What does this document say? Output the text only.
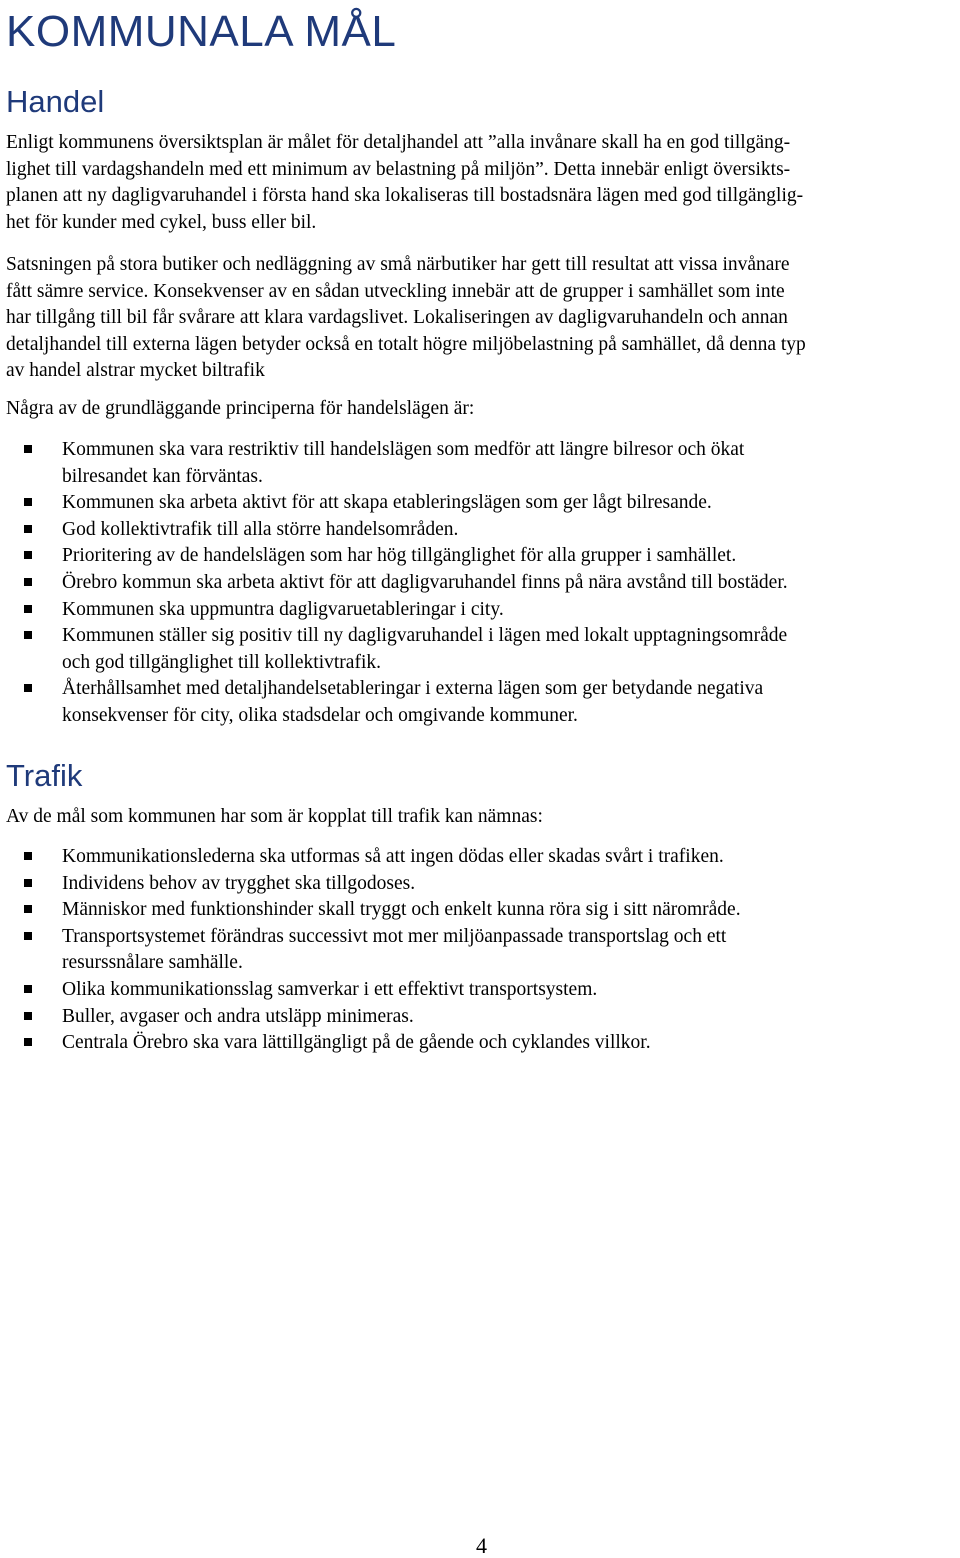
KOMMUNALA MÅL
Handel
Enligt kommunens översiktsplan är målet för detaljhandel att ”alla invånare skall ha en god tillgäng-
lighet till vardagshandeln med ett minimum av belastning på miljön”. Detta innebär enligt översikts-
planen att ny dagligvaruhandel i första hand ska lokaliseras till bostadsnära lägen med god tillgänglig-
het för kunder med cykel, buss eller bil.
Satsningen på stora butiker och nedläggning av små närbutiker har gett till resultat att vissa invånare
fått sämre service. Konsekvenser av en sådan utveckling innebär att de grupper i samhället som inte
har tillgång till bil får svårare att klara vardagslivet. Lokaliseringen av dagligvaruhandeln och annan
detaljhandel till externa lägen betyder också en totalt högre miljöbelastning på samhället, då denna typ
av handel alstrar mycket biltrafik
Några av de grundläggande principerna för handelslägen är:
Kommunen ska vara restriktiv till handelslägen som medför att längre bilresor och ökat
bilresandet kan förväntas.
Kommunen ska arbeta aktivt för att skapa etableringslägen som ger lågt bilresande.
God kollektivtrafik till alla större handelsområden.
Prioritering av de handelslägen som har hög tillgänglighet för alla grupper i samhället.
Örebro kommun ska arbeta aktivt för att dagligvaruhandel finns på nära avstånd till bostäder.
Kommunen ska uppmuntra dagligvaruetableringar i city.
Kommunen ställer sig positiv till ny dagligvaruhandel i lägen med lokalt upptagningsområde
och god tillgänglighet till kollektivtrafik.
Återhållsamhet med detaljhandelsetableringar i externa lägen som ger betydande negativa
konsekvenser för city, olika stadsdelar och omgivande kommuner.
Trafik
Av de mål som kommunen har som är kopplat till trafik kan nämnas:
Kommunikationslederna ska utformas så att ingen dödas eller skadas svårt i trafiken.
Individens behov av trygghet ska tillgodoses.
Människor med funktionshinder skall tryggt och enkelt kunna röra sig i sitt närområde.
Transportsystemet förändras successivt mot mer miljöanpassade transportslag och ett
resurssnålare samhälle.
Olika kommunikationsslag samverkar i ett effektivt transportsystem.
Buller, avgaser och andra utsläpp minimeras.
Centrala Örebro ska vara lättillgängligt på de gående och cyklandes villkor.
4
